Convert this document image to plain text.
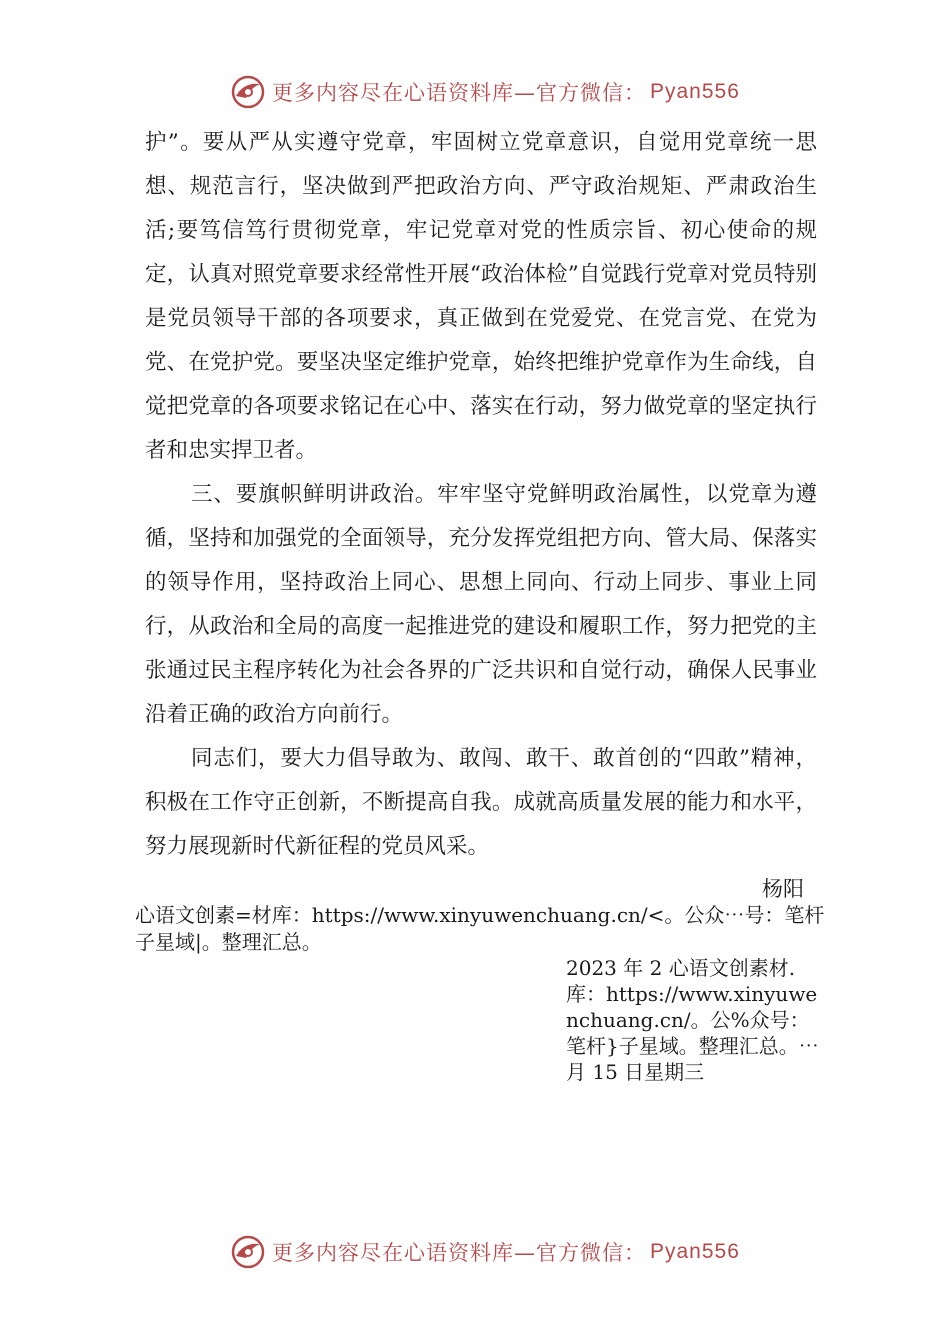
更多内容尽在心语资料库—官方微信： Pyan556

护”。要从严从实遵守党章，牢固树立党章意识，自觉用党章统一思想、规范言行，坚决做到严把政治方向、严守政治规矩、严肃政治生活;要笃信笃行贯彻党章，牢记党章对党的性质宗旨、初心使命的规定，认真对照党章要求经常性开展“政治体检”自觉践行党章对党员特别是党员领导干部的各项要求，真正做到在党爱党、在党言党、在党为党、在党护党。要坚决坚定维护党章，始终把维护党章作为生命线，自觉把党章的各项要求铭记在心中、落实在行动，努力做党章的坚定执行者和忠实捍卫者。

三、要旗帜鲜明讲政治。牢牢坚守党鲜明政治属性，以党章为遵循，坚持和加强党的全面领导，充分发挥党组把方向、管大局、保落实的领导作用，坚持政治上同心、思想上同向、行动上同步、事业上同行，从政治和全局的高度一起推进党的建设和履职工作，努力把党的主张通过民主程序转化为社会各界的广泛共识和自觉行动，确保人民事业沿着正确的政治方向前行。

同志们，要大力倡导敢为、敢闯、敢干、敢首创的“四敢”精神， 积极在工作守正创新，不断提高自我。成就高质量发展的能力和水平， 努力展现新时代新征程的党员风采。

杨阳
心语文创素=材库：https://www.xinyuwenchuang.cn/<。公众⋯号：笔杆子星域|。整理汇总。
2023 年 2 心语文创素材.库：https://www.xinyuwenchuang.cn/。公%众号：笔杆}子星域。整理汇总。⋯月 15 日星期三
更多内容尽在心语资料库—官方微信： Pyan556
